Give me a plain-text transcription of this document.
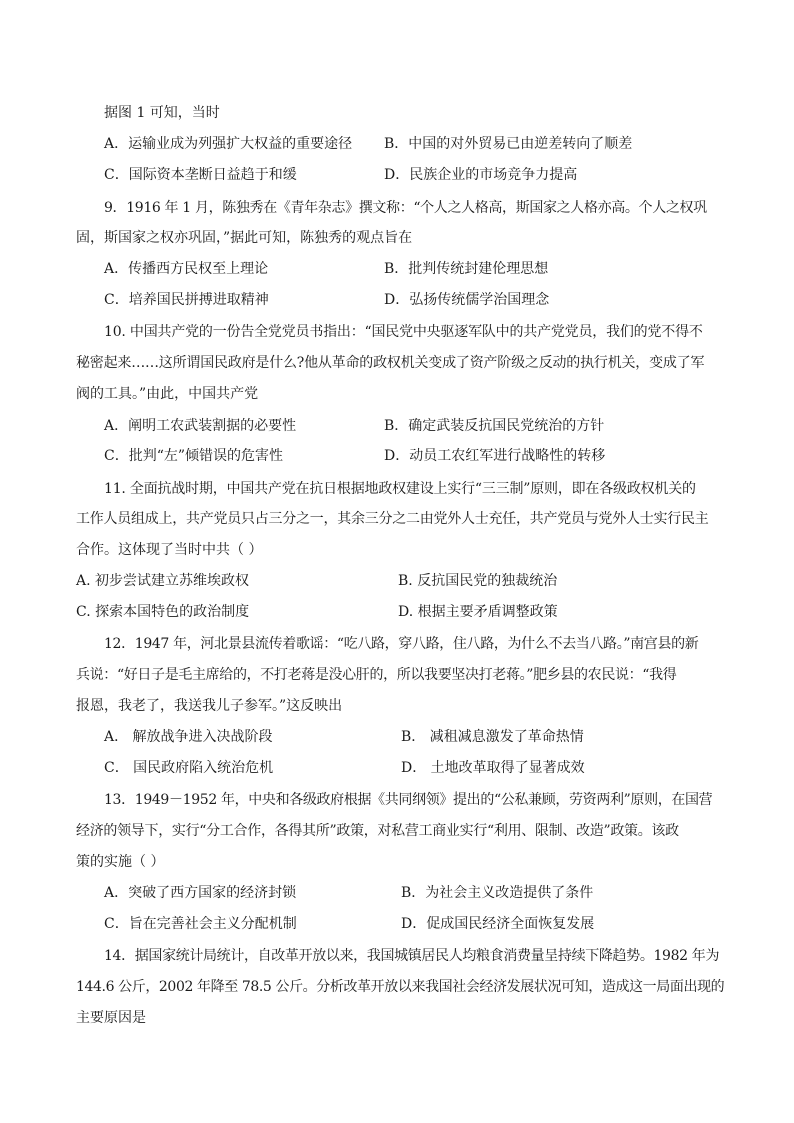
据图 1 可知，当时
A．运输业成为列强扩大权益的重要途径 B．中国的对外贸易已由逆差转向了顺差
C．国际资本垄断日益趋于和缓	D．民族企业的市场竞争力提高
9．1916 年 1 月，陈独秀在《青年杂志》撰文称：“个人之人格高，斯国家之人格亦高。个人之权巩
固，斯国家之权亦巩固，”据此可知，陈独秀的观点旨在
A．传播西方民权至上理论	B．批判传统封建伦理思想
C．培养国民拼搏进取精神	D．弘扬传统儒学治国理念
10. 中国共产党的一份告全党党员书指出：“国民党中央驱逐军队中的共产党党员，我们的党不得不
秘密起来……这所谓国民政府是什么?他从革命的政权机关变成了资产阶级之反动的执行机关，变成了军
阀的工具。”由此，中国共产党
A．阐明工农武装割据的必要性	B．确定武装反抗国民党统治的方针
C．批判“左”倾错误的危害性	D．动员工农红军进行战略性的转移
11. 全面抗战时期，中国共产党在抗日根据地政权建设上实行“三三制”原则，即在各级政权机关的
工作人员组成上，共产党员只占三分之一，其余三分之二由党外人士充任，共产党员与党外人士实行民主
合作。这体现了当时中共（ ）
A. 初步尝试建立苏维埃政权	B. 反抗国民党的独裁统治
C. 探索本国特色的政治制度	D. 根据主要矛盾调整政策
12．1947 年，河北景县流传着歌谣：“吃八路，穿八路，住八路，为什么不去当八路。”南宫县的新
兵说：“好日子是毛主席给的，不打老蒋是没心肝的，所以我要坚决打老蒋。”肥乡县的农民说：“我得
报恩，我老了，我送我儿子参军。”这反映出
A． 解放战争进入决战阶段	B． 减租减息激发了革命热情
C． 国民政府陷入统治危机	D． 土地改革取得了显著成效
13．1949－1952 年，中央和各级政府根据《共同纲领》提出的“公私兼顾，劳资两利”原则，在国营
经济的领导下，实行“分工合作，各得其所”政策，对私营工商业实行“利用、限制、改造”政策。该政
策的实施（ ）
A．突破了西方国家的经济封锁	B．为社会主义改造提供了条件
C．旨在完善社会主义分配机制	D．促成国民经济全面恢复发展
14．据国家统计局统计，自改革开放以来，我国城镇居民人均粮食消费量呈持续下降趋势。1982 年为
144.6 公斤，2002 年降至 78.5 公斤。分析改革开放以来我国社会经济发展状况可知，造成这一局面出现的
主要原因是
